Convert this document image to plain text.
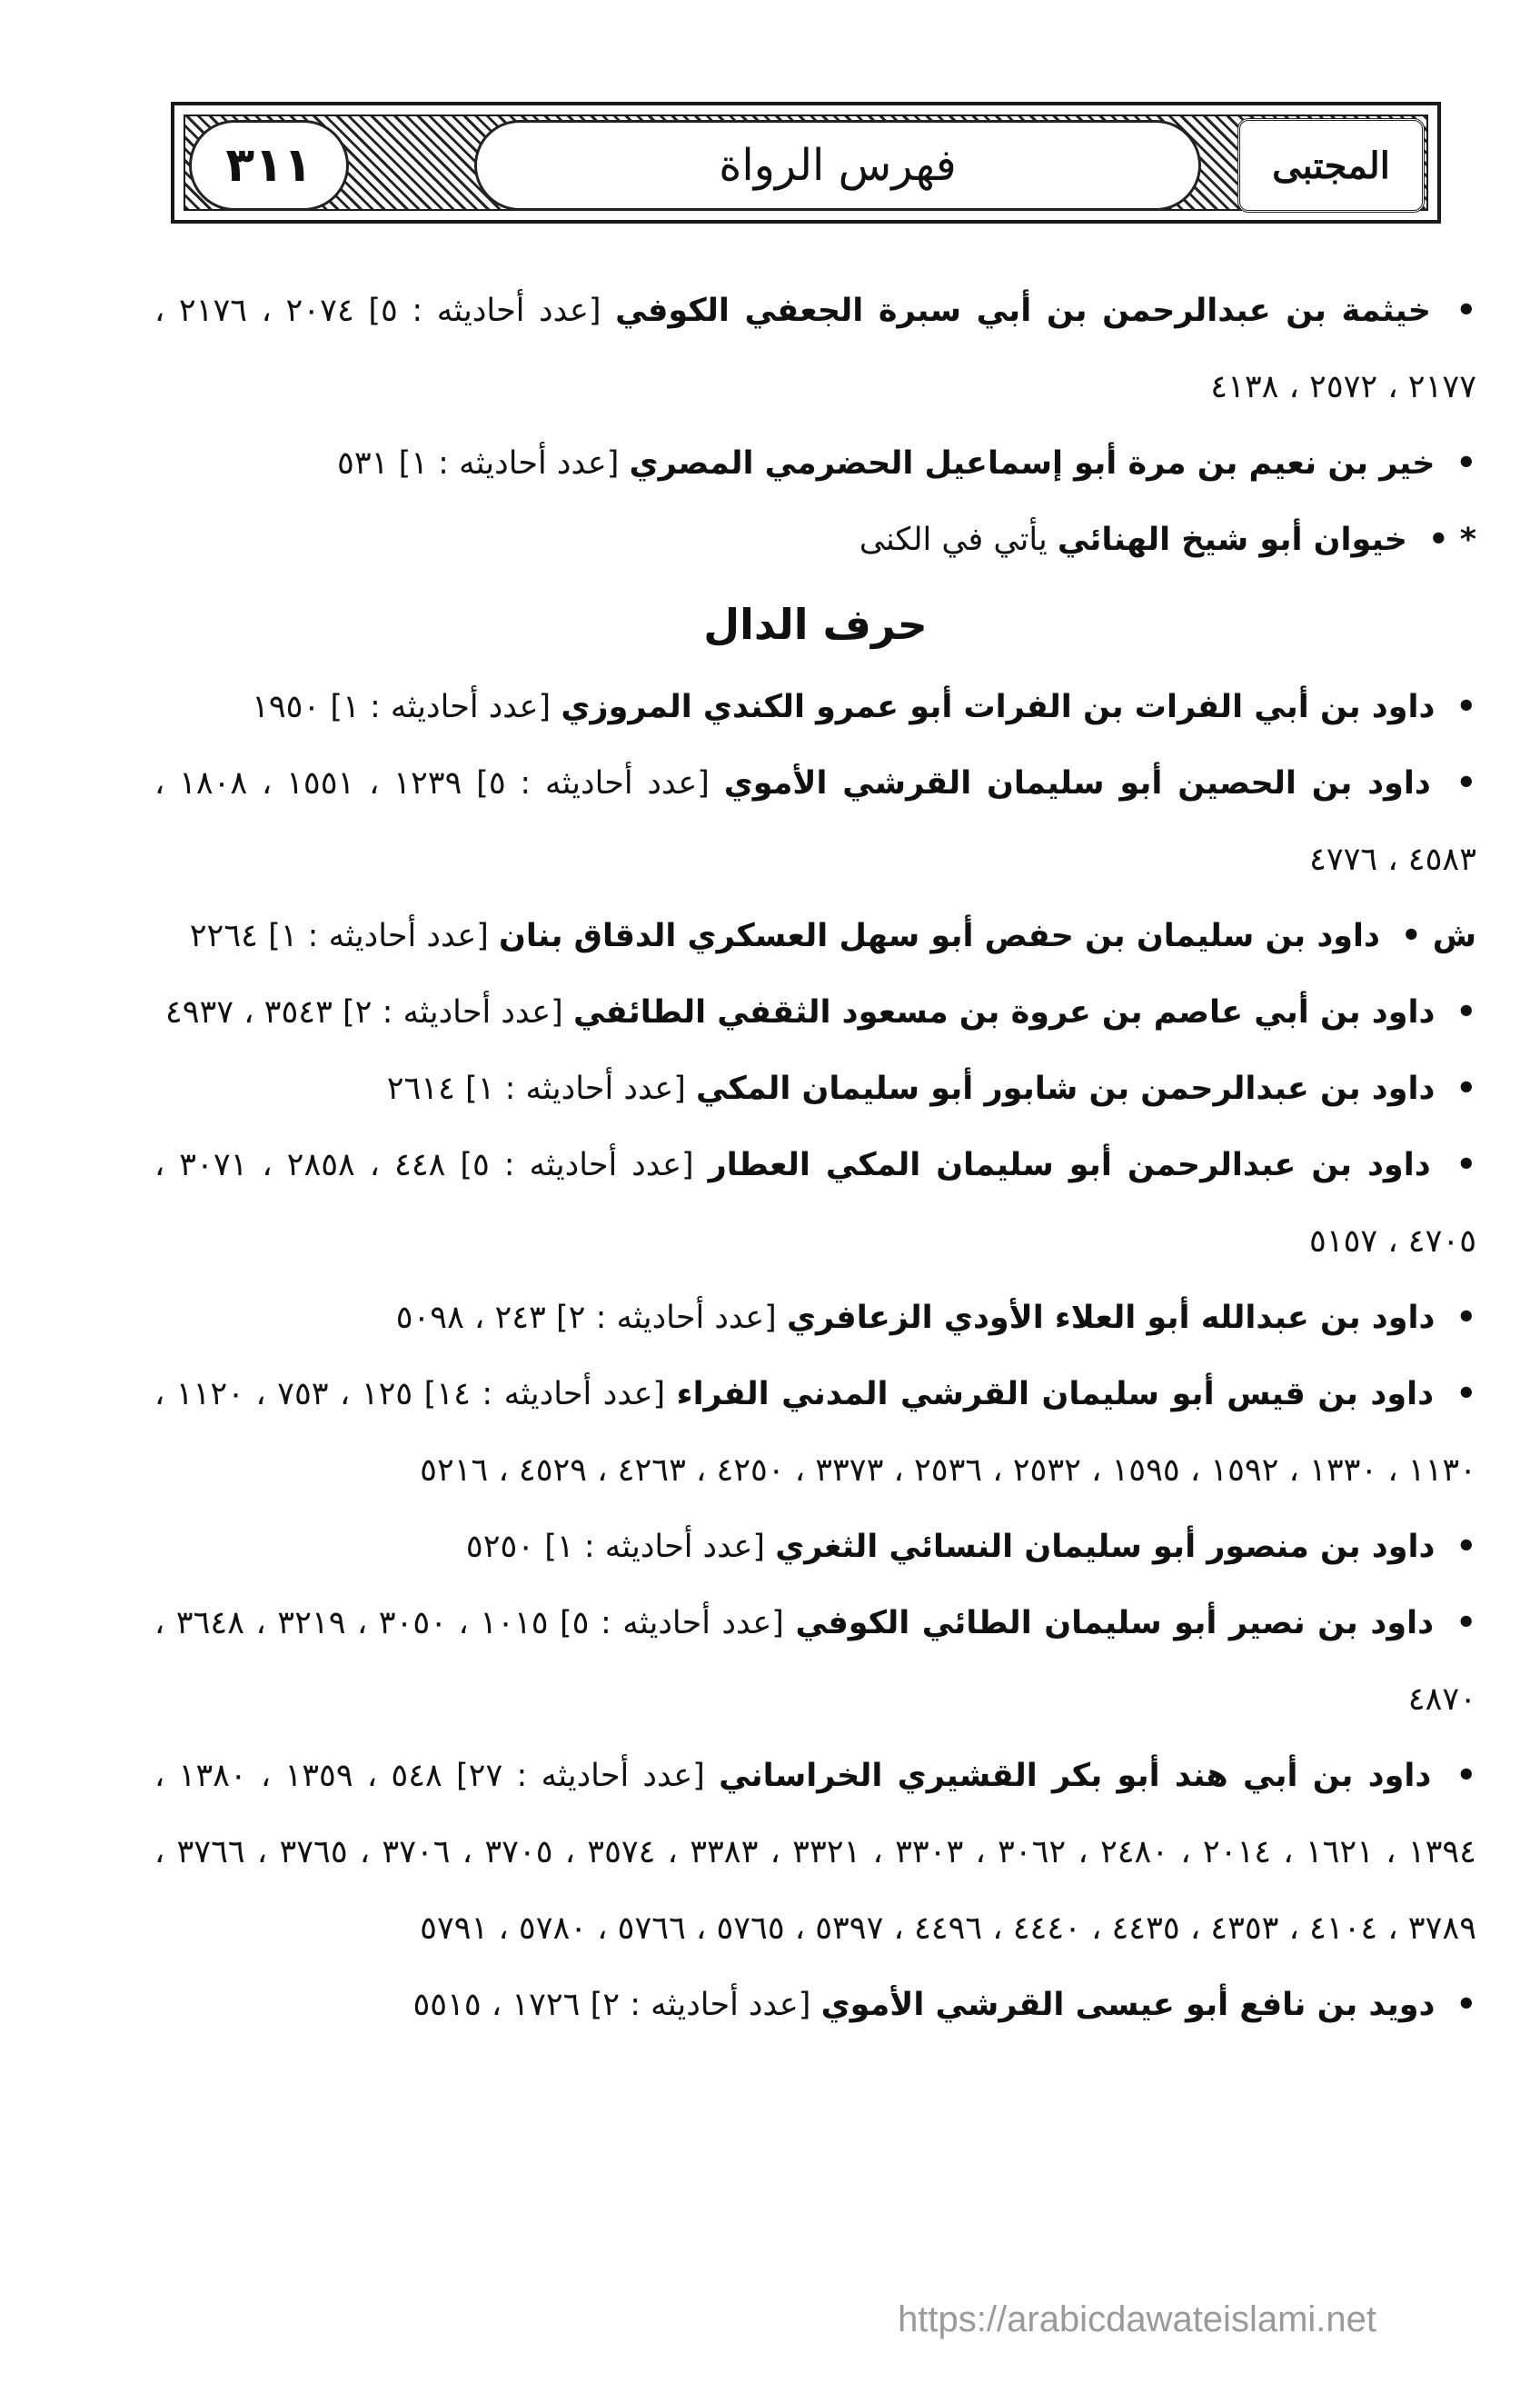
المجتبى
فهرس الرواة
٣١١
• خيثمة بن عبدالرحمن بن أبي سبرة الجعفي الكوفي [عدد أحاديثه : ٥] ٢٠٧٤ ، ٢١٧٦ ، ٢١٧٧ ، ٢٥٧٢ ، ٤١٣٨
• خير بن نعيم بن مرة أبو إسماعيل الحضرمي المصري [عدد أحاديثه : ١] ٥٣١
* • خيوان أبو شيخ الهنائي يأتي في الكنى
حرف الدال
• داود بن أبي الفرات بن الفرات أبو عمرو الكندي المروزي [عدد أحاديثه : ١] ١٩٥٠
• داود بن الحصين أبو سليمان القرشي الأموي [عدد أحاديثه : ٥] ١٢٣٩ ، ١٥٥١ ، ١٨٠٨ ، ٤٥٨٣ ، ٤٧٧٦
ش • داود بن سليمان بن حفص أبو سهل العسكري الدقاق بنان [عدد أحاديثه : ١] ٢٢٦٤
• داود بن أبي عاصم بن عروة بن مسعود الثقفي الطائفي [عدد أحاديثه : ٢] ٣٥٤٣ ، ٤٩٣٧
• داود بن عبدالرحمن بن شابور أبو سليمان المكي [عدد أحاديثه : ١] ٢٦١٤
• داود بن عبدالرحمن أبو سليمان المكي العطار [عدد أحاديثه : ٥] ٤٤٨ ، ٢٨٥٨ ، ٣٠٧١ ، ٤٧٠٥ ، ٥١٥٧
• داود بن عبدالله أبو العلاء الأودي الزعافري [عدد أحاديثه : ٢] ٢٤٣ ، ٥٠٩٨
• داود بن قيس أبو سليمان القرشي المدني الفراء [عدد أحاديثه : ١٤] ١٢٥ ، ٧٥٣ ، ١١٢٠ ، ١١٣٠ ، ١٣٣٠ ، ١٥٩٢ ، ١٥٩٥ ، ٢٥٣٢ ، ٢٥٣٦ ، ٣٣٧٣ ، ٤٢٥٠ ، ٤٢٦٣ ، ٤٥٢٩ ، ٥٢١٦
• داود بن منصور أبو سليمان النسائي الثغري [عدد أحاديثه : ١] ٥٢٥٠
• داود بن نصير أبو سليمان الطائي الكوفي [عدد أحاديثه : ٥] ١٠١٥ ، ٣٠٥٠ ، ٣٢١٩ ، ٣٦٤٨ ، ٤٨٧٠
• داود بن أبي هند أبو بكر القشيري الخراساني [عدد أحاديثه : ٢٧] ٥٤٨ ، ١٣٥٩ ، ١٣٨٠ ، ١٣٩٤ ، ١٦٢١ ، ٢٠١٤ ، ٢٤٨٠ ، ٣٠٦٢ ، ٣٣٠٣ ، ٣٣٢١ ، ٣٣٨٣ ، ٣٥٧٤ ، ٣٧٠٥ ، ٣٧٠٦ ، ٣٧٦٥ ، ٣٧٦٦ ، ٣٧٨٩ ، ٤١٠٤ ، ٤٣٥٣ ، ٤٤٣٥ ، ٤٤٤٠ ، ٤٤٩٦ ، ٥٣٩٧ ، ٥٧٦٥ ، ٥٧٦٦ ، ٥٧٨٠ ، ٥٧٩١
• دويد بن نافع أبو عيسى القرشي الأموي [عدد أحاديثه : ٢] ١٧٢٦ ، ٥٥١٥
https://arabicdawateislami.net
